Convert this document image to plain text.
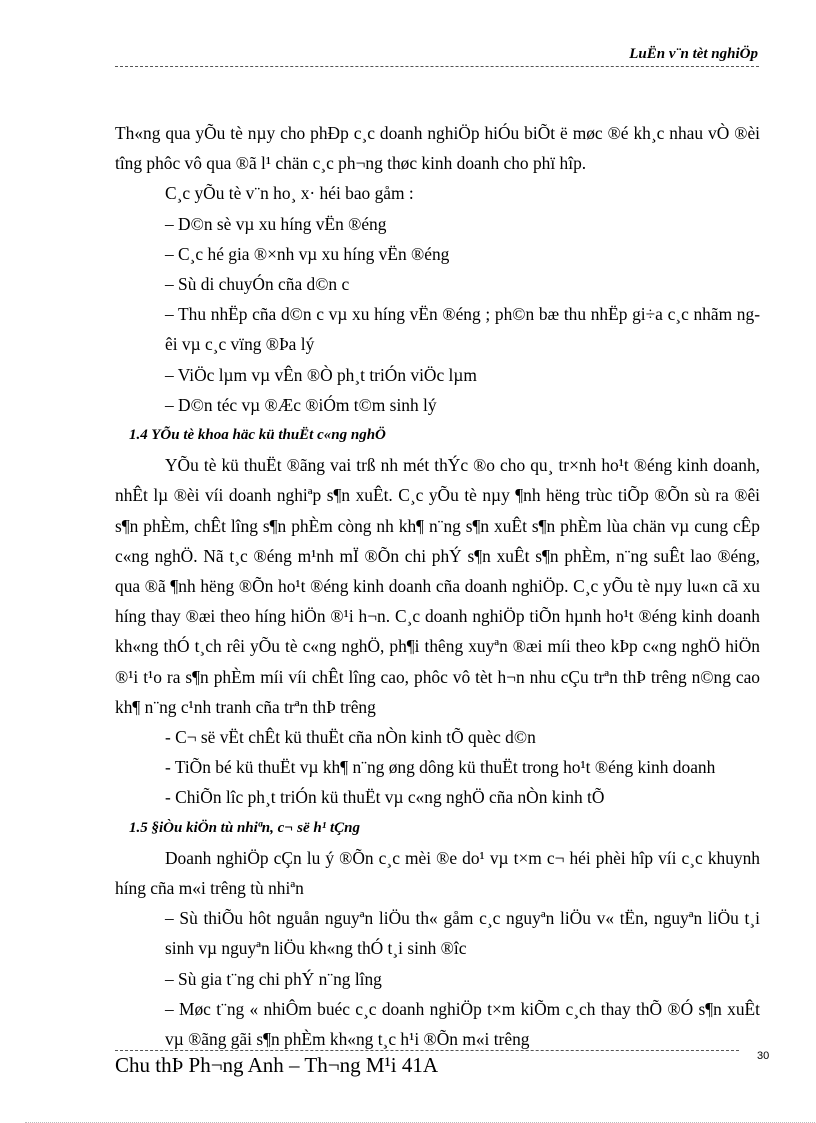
LuËn v¨n tèt nghiÖp

Th«ng qua yÕu tè nµy cho phÐp c¸c doanh nghiÖp hiÓu biÕt ë møc ®é kh¸c nhau vÒ ®èi tîng phôc vô qua ®ã l¹ chän c¸c ph¬ng thøc kinh doanh cho phï hîp.

C¸c yÕu tè v¨n ho¸ x· héi bao gåm :

– D©n sè vµ xu híng vËn ®éng

– C¸c hé gia ®×nh vµ xu híng vËn ®éng

– Sù di chuyÓn cña d©n c

– Thu nhËp cña d©n c vµ xu híng vËn ®éng ; ph©n bæ thu nhËp gi÷a c¸c nhãm ngêi vµ c¸c vïng ®Þa lý

– ViÖc lµm vµ vÊn ®Ò ph¸t triÓn viÖc lµm

– D©n téc vµ ®Æc ®iÓm t©m sinh lý

1.4 YÕu tè khoa häc kü thuËt c«ng nghÖ

YÕu tè kü thuËt ®ãng vai trß nh mét thÝc ®o cho qu¸ tr×nh ho¹t ®éng kinh doanh, nhÊt lµ ®èi víi doanh nghiªp s¶n xuÊt. C¸c yÕu tè nµy ¶nh hëng trùc tiÕp ®Õn sù ra ®êi s¶n phÈm, chÊt lîng s¶n phÈm còng nh kh¶ n¨ng s¶n xuÊt s¶n phÈm lùa chän vµ cung cÊp c«ng nghÖ. Nã t¸c ®éng m¹nh mÏ ®Õn chi phÝ s¶n xuÊt s¶n phÈm, n¨ng suÊt lao ®éng, qua ®ã ¶nh hëng ®Õn ho¹t ®éng kinh doanh cña doanh nghiÖp. C¸c yÕu tè nµy lu«n cã xu híng thay ®æi theo híng hiÖn ®¹i h¬n. C¸c doanh nghiÖp tiÕn hµnh ho¹t ®éng kinh doanh kh«ng thÓ t¸ch rêi yÕu tè c«ng nghÖ, ph¶i thêng xuyªn ®æi míi theo kÞp c«ng nghÖ hiÖn ®¹i t¹o ra s¶n phÈm míi víi chÊt lîng cao, phôc vô tèt h¬n nhu cÇu trªn thÞ trêng n©ng cao kh¶ n¨ng c¹nh tranh cña trªn thÞ trêng

- C¬ së vËt chÊt kü thuËt cña nÒn kinh tÕ quèc d©n

- TiÕn bé kü thuËt vµ kh¶ n¨ng øng dông kü thuËt trong ho¹t ®éng kinh doanh

- ChiÕn lîc ph¸t triÓn kü thuËt vµ c«ng nghÖ cña nÒn kinh tÕ

1.5 §iÒu kiÖn tù nhiªn, c¬ së h¹ tÇng

Doanh nghiÖp cÇn lu ý ®Õn c¸c mèi ®e do¹ vµ t×m c¬ héi phèi hîp víi c¸c khuynh híng cña m«i trêng tù nhiªn

– Sù thiÕu hôt nguån nguyªn liÖu th« gåm c¸c nguyªn liÖu v« tËn, nguyªn liÖu t¸i sinh vµ nguyªn liÖu kh«ng thÓ t¸i sinh ®îc

– Sù gia t¨ng chi phÝ n¨ng lîng

– Møc t¨ng « nhiÔm buéc c¸c doanh nghiÖp t×m kiÕm c¸ch thay thÕ ®Ó s¶n xuÊt vµ ®ãng gãi s¶n phÈm kh«ng t¸c h¹i ®Õn m«i trêng

Chu thÞ Ph¬ng Anh – Th¬ng M¹i 41A	30
